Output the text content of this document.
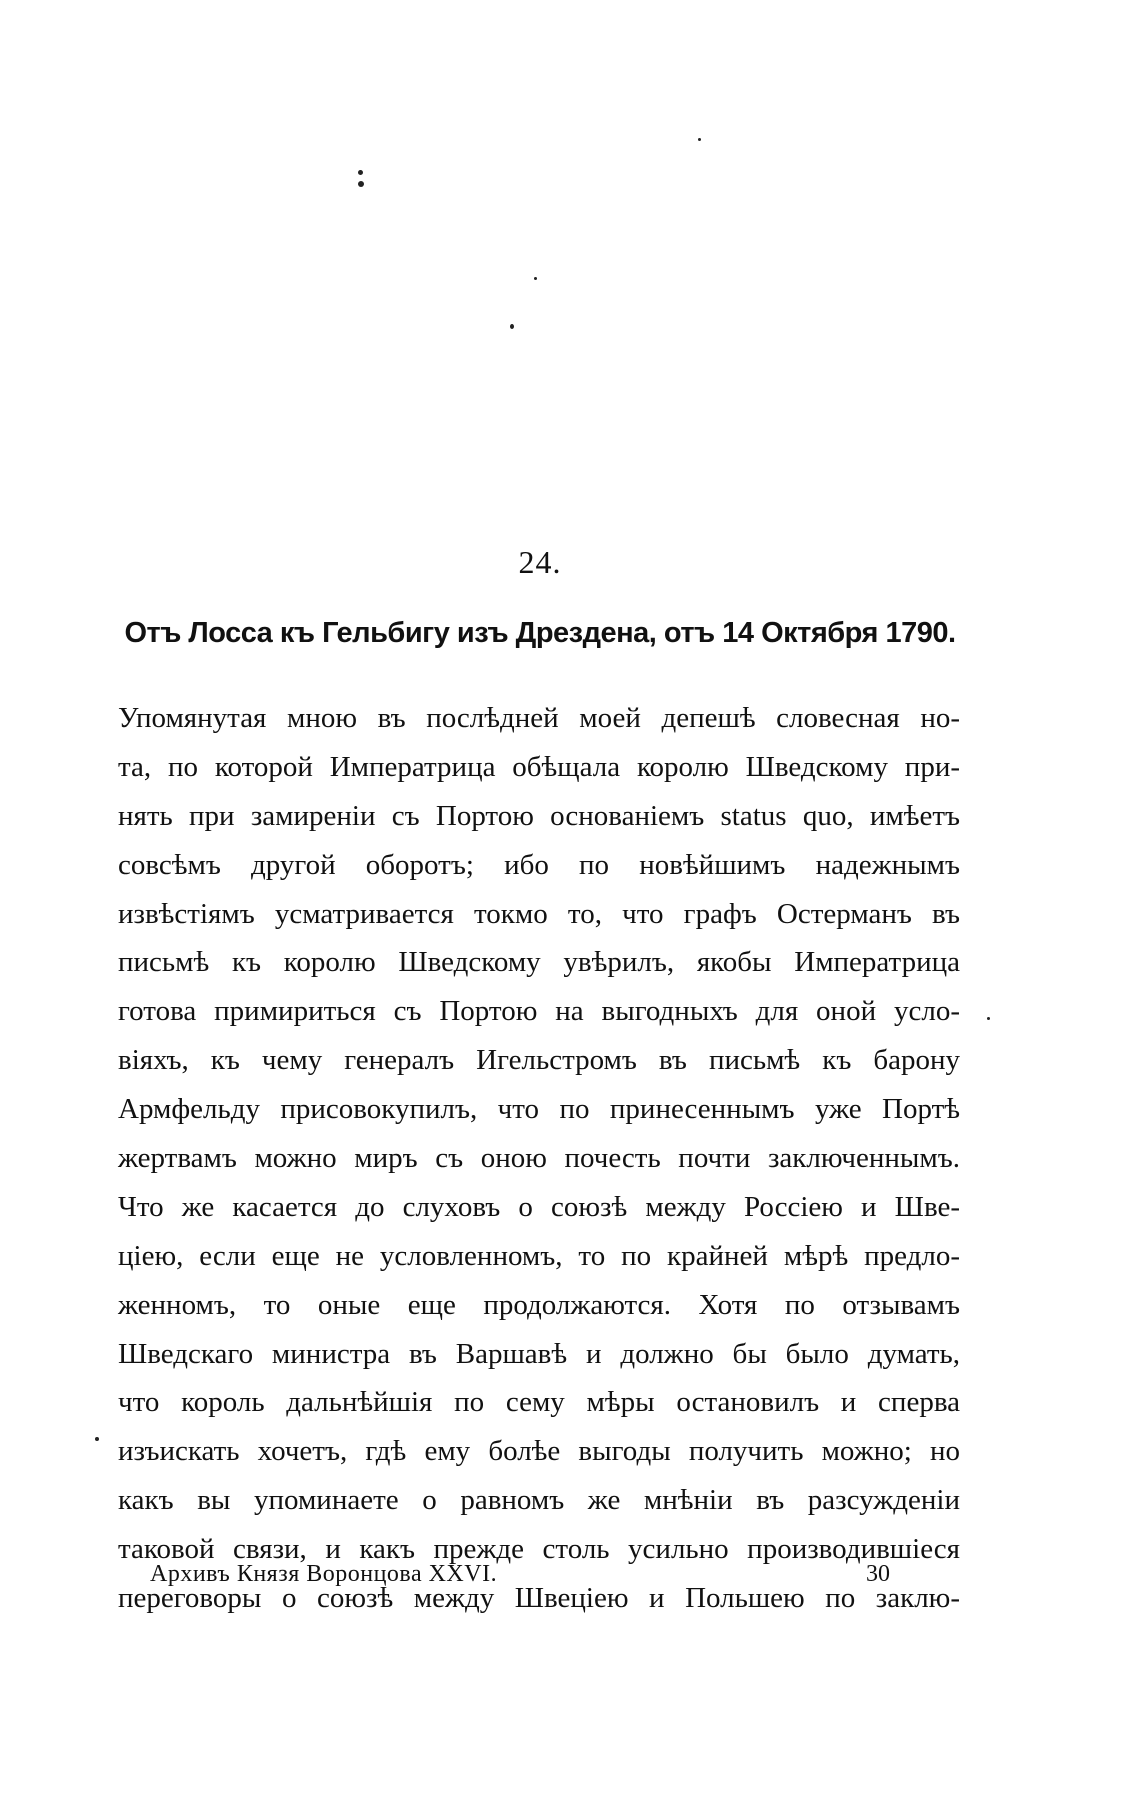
24.
Отъ Лосса къ Гельбигу изъ Дрездена, отъ 14 Октября 1790.
Упомянутая мною въ послѣдней моей депешѣ словесная но-
та, по которой Императрица обѣщала королю Шведскому при-
нять при замиреніи съ Портою основаніемъ status quo, имѣетъ
совсѣмъ другой оборотъ; ибо по новѣйшимъ надежнымъ
извѣстіямъ усматривается токмо то, что графъ Остерманъ въ
письмѣ къ королю Шведскому увѣрилъ, якобы Императрица
готова примириться съ Портою на выгодныхъ для оной усло-
віяхъ, къ чему генералъ Игельстромъ въ письмѣ къ барону
Армфельду присовокупилъ, что по принесеннымъ уже Портѣ
жертвамъ можно миръ съ оною почесть почти заключеннымъ.
Что же касается до слуховъ о союзѣ между Россіею и Шве-
ціею, если еще не условленномъ, то по крайней мѣрѣ предло-
женномъ, то оные еще продолжаются. Хотя по отзывамъ
Шведскаго министра въ Варшавѣ и должно бы было думать,
что король дальнѣйшія по сему мѣры остановилъ и сперва
изъискать хочетъ, гдѣ ему болѣе выгоды получить можно; но
какъ вы упоминаете о равномъ же мнѣніи въ разсужденіи
таковой связи, и какъ прежде столь усильно производившіеся
переговоры о союзѣ между Швеціею и Польшею по заклю-
Архивъ Князя Воронцова XXVI.	30
